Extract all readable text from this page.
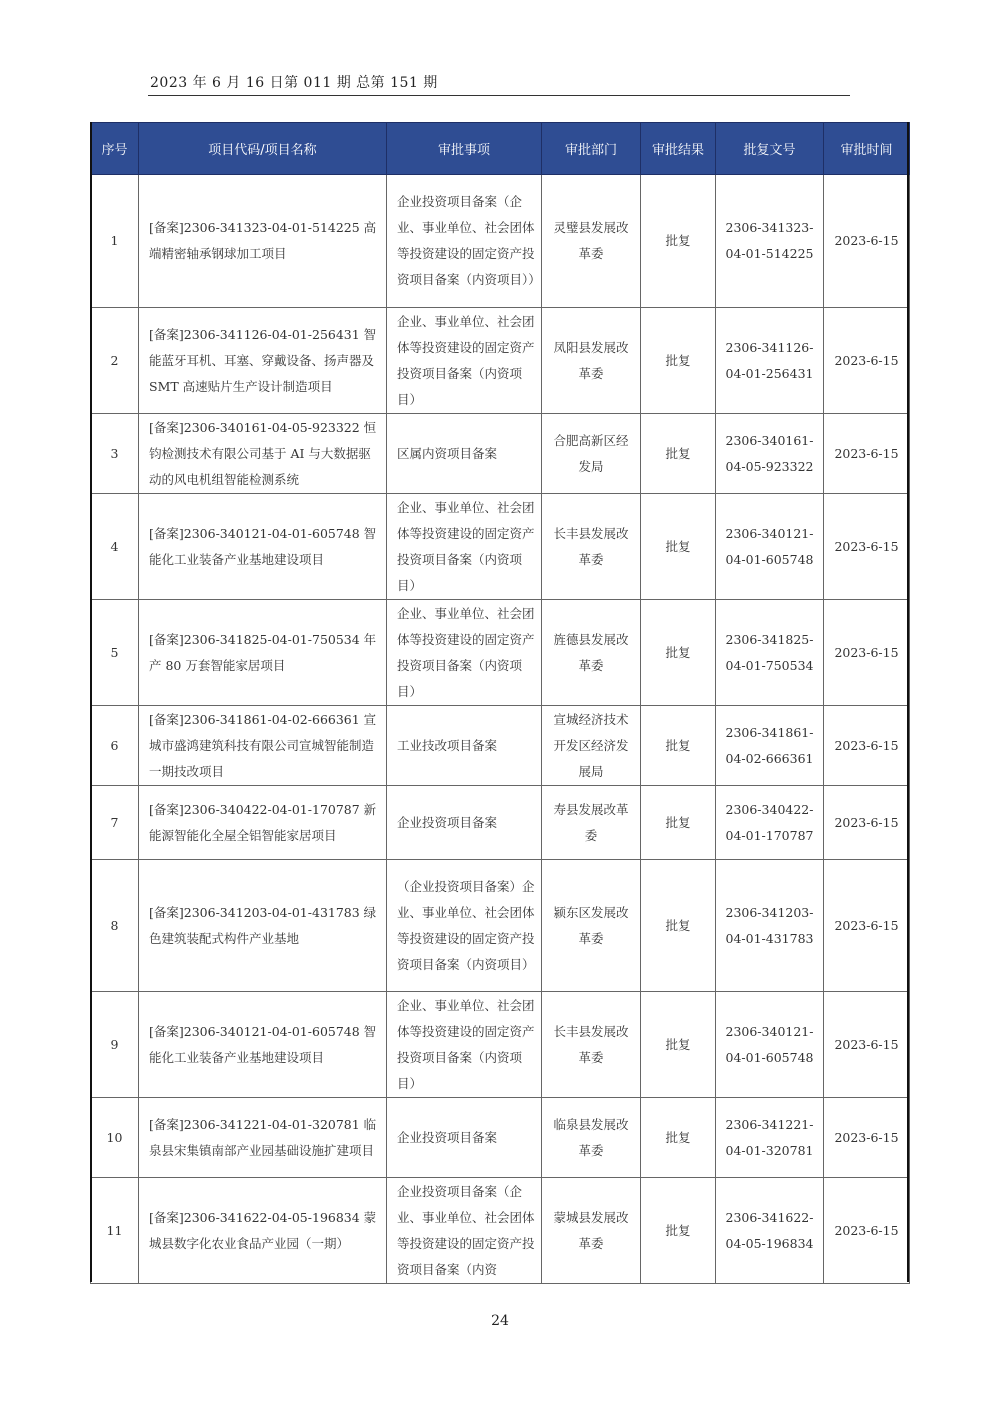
2023 年 6 月 16 日第 011 期 总第 151 期
序号	项目代码/项目名称	审批事项	审批部门	审批结果	批复文号	审批时间
1	[备案]2306-341323-04-01-514225 高端精密轴承钢球加工项目	企业投资项目备案（企业、事业单位、社会团体等投资建设的固定资产投资项目备案（内资项目））	灵璧县发展改革委	批复	2306-341323-04-01-514225	2023-6-15
2	[备案]2306-341126-04-01-256431 智能蓝牙耳机、耳塞、穿戴设备、扬声器及 SMT 高速贴片生产设计制造项目	企业、事业单位、社会团体等投资建设的固定资产投资项目备案（内资项目）	凤阳县发展改革委	批复	2306-341126-04-01-256431	2023-6-15
3	[备案]2306-340161-04-05-923322 恒钧检测技术有限公司基于 AI 与大数据驱动的风电机组智能检测系统	区属内资项目备案	合肥高新区经发局	批复	2306-340161-04-05-923322	2023-6-15
4	[备案]2306-340121-04-01-605748 智能化工业装备产业基地建设项目	企业、事业单位、社会团体等投资建设的固定资产投资项目备案（内资项目）	长丰县发展改革委	批复	2306-340121-04-01-605748	2023-6-15
5	[备案]2306-341825-04-01-750534 年产 80 万套智能家居项目	企业、事业单位、社会团体等投资建设的固定资产投资项目备案（内资项目）	旌德县发展改革委	批复	2306-341825-04-01-750534	2023-6-15
6	[备案]2306-341861-04-02-666361 宣城市盛鸿建筑科技有限公司宣城智能制造一期技改项目	工业技改项目备案	宣城经济技术开发区经济发展局	批复	2306-341861-04-02-666361	2023-6-15
7	[备案]2306-340422-04-01-170787 新能源智能化全屋全铝智能家居项目	企业投资项目备案	寿县发展改革委	批复	2306-340422-04-01-170787	2023-6-15
8	[备案]2306-341203-04-01-431783 绿色建筑装配式构件产业基地	（企业投资项目备案）企业、事业单位、社会团体等投资建设的固定资产投资项目备案（内资项目）	颍东区发展改革委	批复	2306-341203-04-01-431783	2023-6-15
9	[备案]2306-340121-04-01-605748 智能化工业装备产业基地建设项目	企业、事业单位、社会团体等投资建设的固定资产投资项目备案（内资项目）	长丰县发展改革委	批复	2306-340121-04-01-605748	2023-6-15
10	[备案]2306-341221-04-01-320781 临泉县宋集镇南部产业园基础设施扩建项目	企业投资项目备案	临泉县发展改革委	批复	2306-341221-04-01-320781	2023-6-15
11	[备案]2306-341622-04-05-196834 蒙城县数字化农业食品产业园（一期）	企业投资项目备案（企业、事业单位、社会团体等投资建设的固定资产投资项目备案（内资	蒙城县发展改革委	批复	2306-341622-04-05-196834	2023-6-15
24
